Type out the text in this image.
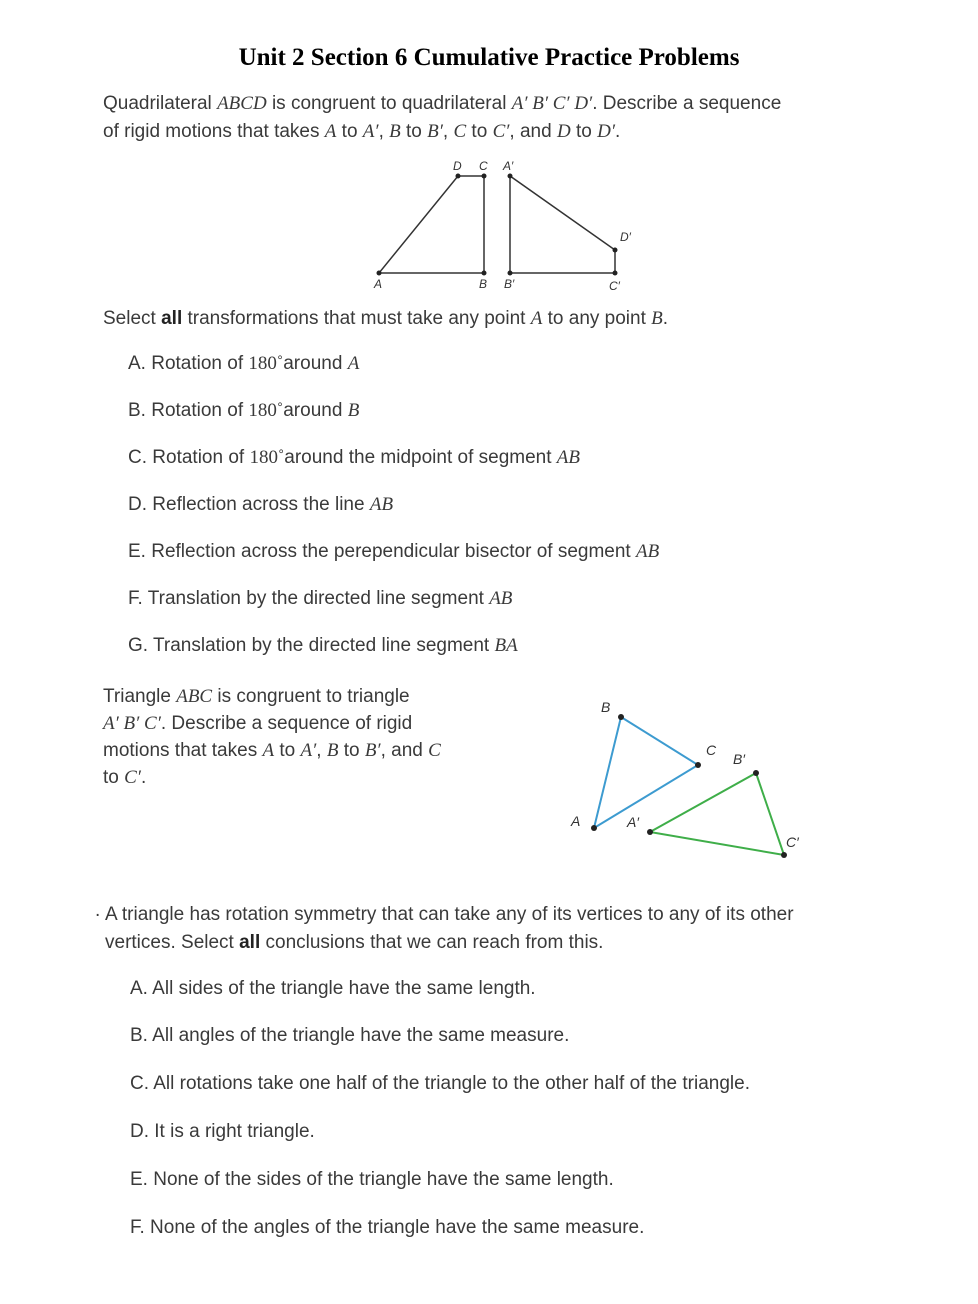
Unit 2 Section 6 Cumulative Practice Problems
Quadrilateral ABCD is congruent to quadrilateral A′ B′ C′ D′. Describe a sequence
of rigid motions that takes A to A′, B to B′, C to C′, and D to D′.
D C A′
D′
A	B B′	C′
Select all transformations that must take any point A to any point B.
A. Rotation of 180˚around A
B. Rotation of 180˚around B
C. Rotation of 180˚around the midpoint of segment AB
D. Reflection across the line AB
E. Reflection across the perependicular bisector of segment AB
F. Translation by the directed line segment AB
G. Translation by the directed line segment BA
Triangle ABC is congruent to triangle
A′ B′ C′. Describe a sequence of rigid
motions that takes A to A′, B to B′, and C
to C′.
B
C
B′
A	A′
C′
. A triangle has rotation symmetry that can take any of its vertices to any of its other
vertices. Select all conclusions that we can reach from this.
A. All sides of the triangle have the same length.
B. All angles of the triangle have the same measure.
C. All rotations take one half of the triangle to the other half of the triangle.
D. It is a right triangle.
E. None of the sides of the triangle have the same length.
F. None of the angles of the triangle have the same measure.
